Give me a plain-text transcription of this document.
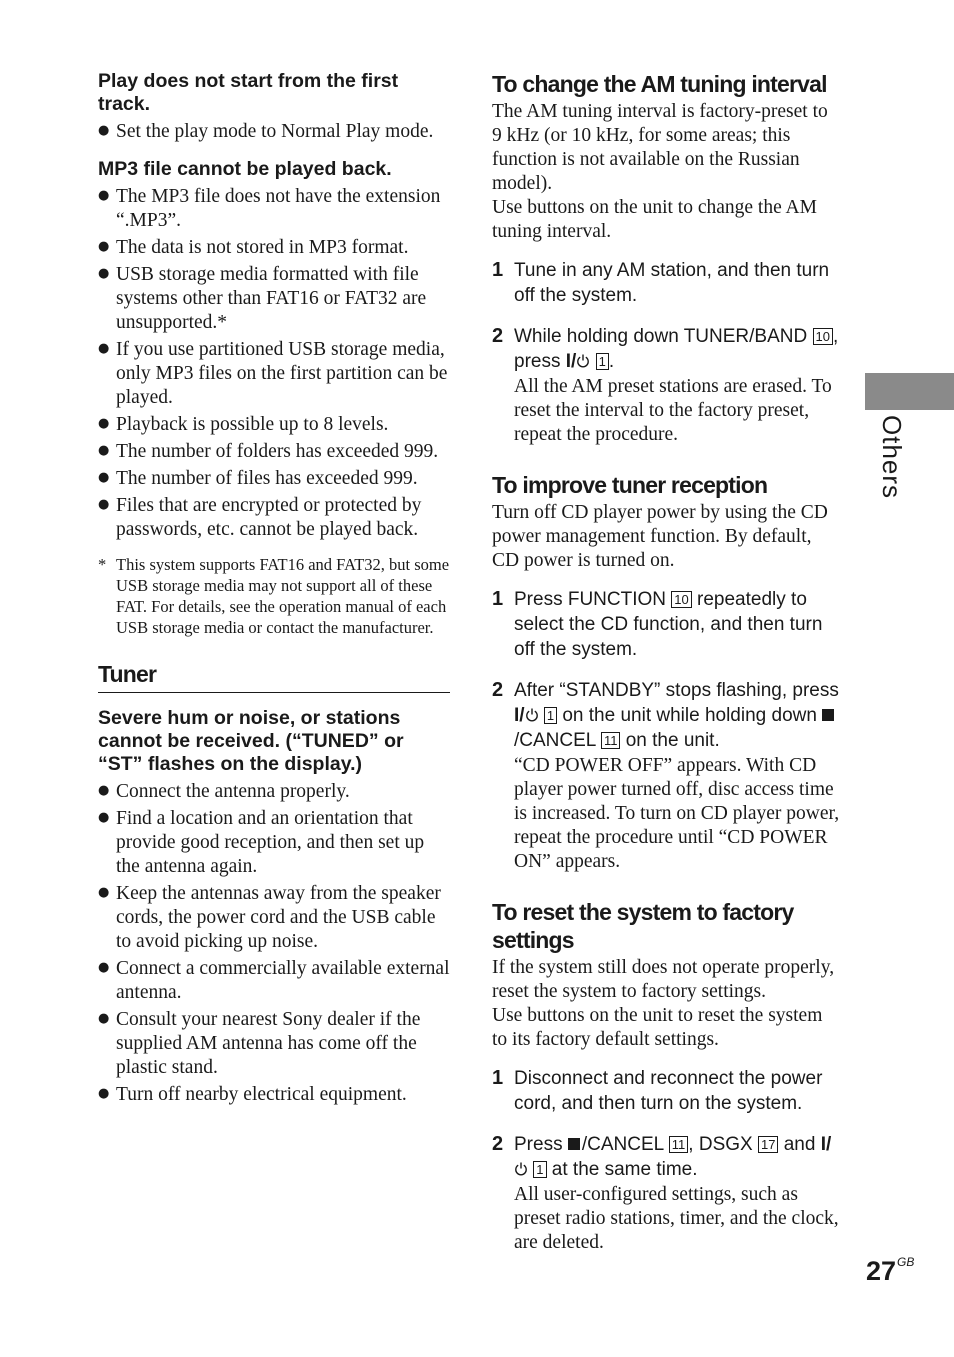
Play does not start from the first track.

● Set the play mode to Normal Play mode.

MP3 file cannot be played back.

● The MP3 file does not have the extension “.MP3”.
● The data is not stored in MP3 format.
● USB storage media formatted with file systems other than FAT16 or FAT32 are unsupported.*
● If you use partitioned USB storage media, only MP3 files on the first partition can be played.
● Playback is possible up to 8 levels.
● The number of folders has exceeded 999.
● The number of files has exceeded 999.
● Files that are encrypted or protected by passwords, etc. cannot be played back.

* This system supports FAT16 and FAT32, but some USB storage media may not support all of these FAT. For details, see the operation manual of each USB storage media or contact the manufacturer.

Tuner

Severe hum or noise, or stations cannot be received. (“TUNED” or “ST” flashes on the display.)

● Connect the antenna properly.
● Find a location and an orientation that provide good reception, and then set up the antenna again.
● Keep the antennas away from the speaker cords, the power cord and the USB cable to avoid picking up noise.
● Connect a commercially available external antenna.
● Consult your nearest Sony dealer if the supplied AM antenna has come off the plastic stand.
● Turn off nearby electrical equipment.
To change the AM tuning interval

The AM tuning interval is factory-preset to 9 kHz (or 10 kHz, for some areas; this function is not available on the Russian model).

Use buttons on the unit to change the AM tuning interval.

1 Tune in any AM station, and then turn off the system.
2 While holding down TUNER/BAND 10 , press I/ 1 .
All the AM preset stations are erased. To reset the interval to the factory preset, repeat the procedure.
To improve tuner reception

Turn off CD player power by using the CD power management function. By default, CD power is turned on.

1 Press FUNCTION 10 repeatedly to select the CD function, and then turn off the system.
2 After “STANDBY” stops flashing, press I/ 1 on the unit while holding down /CANCEL 11 on the unit.
“CD POWER OFF” appears. With CD player power turned off, disc access time is increased. To turn on CD player power, repeat the procedure until “CD POWER ON” appears.
To reset the system to factory settings

If the system still does not operate properly, reset the system to factory settings.

Use buttons on the unit to reset the system to its factory default settings.

1 Disconnect and reconnect the power cord, and then turn on the system.
2 Press /CANCEL 11 , DSGX 17 and I/ 1 at the same time.
All user-configured settings, such as preset radio stations, timer, and the clock, are deleted.
Others
$27^{GB}$
